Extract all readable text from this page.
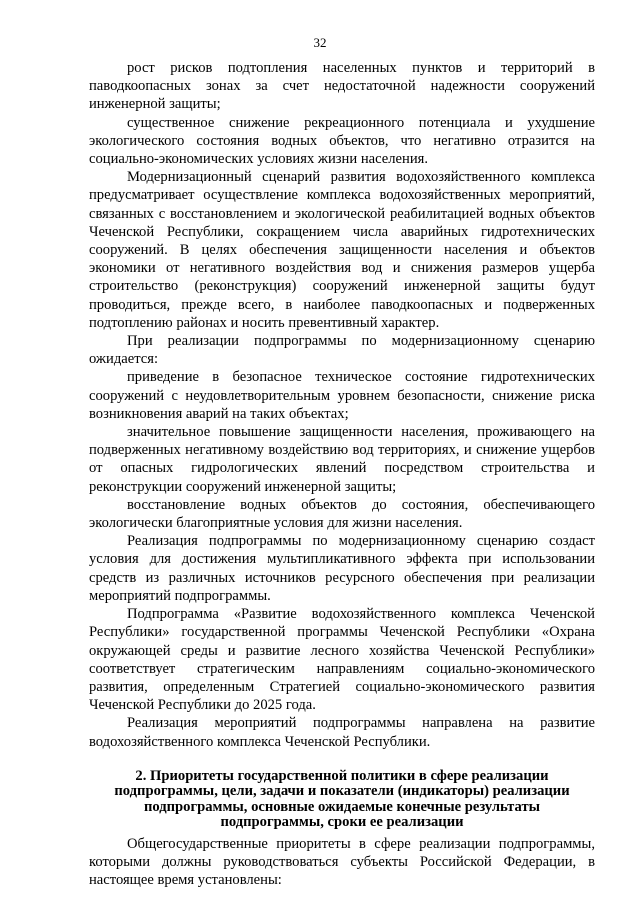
32

рост рисков подтопления населенных пунктов и территорий в паводкоопасных зонах за счет недостаточной надежности сооружений инженерной защиты;

существенное снижение рекреационного потенциала и ухудшение экологического состояния водных объектов, что негативно отразится на социально-экономических условиях жизни населения.

Модернизационный сценарий развития водохозяйственного комплекса предусматривает осуществление комплекса водохозяйственных мероприятий, связанных с восстановлением и экологической реабилитацией водных объектов Чеченской Республики, сокращением числа аварийных гидротехнических сооружений. В целях обеспечения защищенности населения и объектов экономики от негативного воздействия вод и снижения размеров ущерба строительство (реконструкция) сооружений инженерной защиты будут проводиться, прежде всего, в наиболее паводкоопасных и подверженных подтоплению районах и носить превентивный характер.

При реализации подпрограммы по модернизационному сценарию ожидается:

приведение в безопасное техническое состояние гидротехнических сооружений с неудовлетворительным уровнем безопасности, снижение риска возникновения аварий на таких объектах;

значительное повышение защищенности населения, проживающего на подверженных негативному воздействию вод территориях, и снижение ущербов от опасных гидрологических явлений посредством строительства и реконструкции сооружений инженерной защиты;

восстановление водных объектов до состояния, обеспечивающего экологически благоприятные условия для жизни населения.

Реализация подпрограммы по модернизационному сценарию создаст условия для достижения мультипликативного эффекта при использовании средств из различных источников ресурсного обеспечения при реализации мероприятий подпрограммы.

Подпрограмма «Развитие водохозяйственного комплекса Чеченской Республики» государственной программы Чеченской Республики «Охрана окружающей среды и развитие лесного хозяйства Чеченской Республики» соответствует стратегическим направлениям социально-экономического развития, определенным Стратегией социально-экономического развития Чеченской Республики до 2025 года.

Реализация мероприятий подпрограммы направлена на развитие водохозяйственного комплекса Чеченской Республики.

2. Приоритеты государственной политики в сфере реализации подпрограммы, цели, задачи и показатели (индикаторы) реализации подпрограммы, основные ожидаемые конечные результаты подпрограммы, сроки ее реализации

Общегосударственные приоритеты в сфере реализации подпрограммы, которыми должны руководствоваться субъекты Российской Федерации, в настоящее время установлены:
